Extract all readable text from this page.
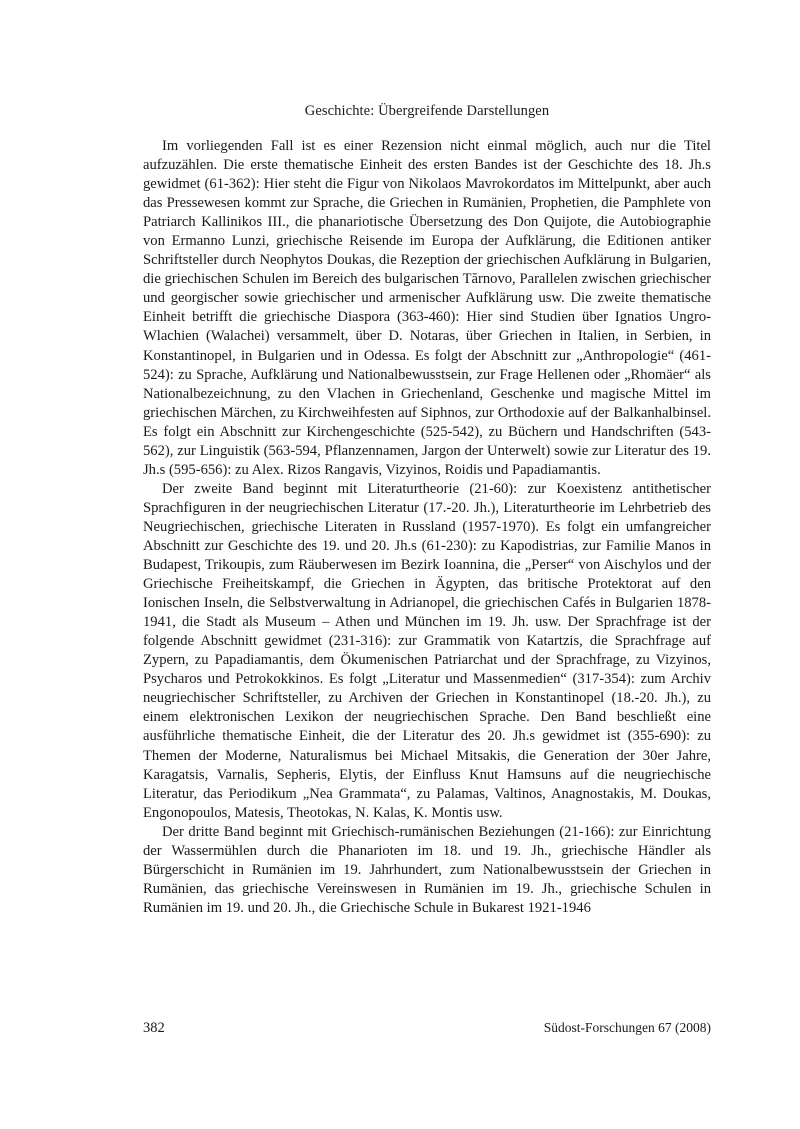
Geschichte: Übergreifende Darstellungen

Im vorliegenden Fall ist es einer Rezension nicht einmal möglich, auch nur die Titel aufzuzählen. Die erste thematische Einheit des ersten Bandes ist der Geschichte des 18. Jh.s gewidmet (61-362): Hier steht die Figur von Nikolaos Mavrokordatos im Mittelpunkt, aber auch das Pressewesen kommt zur Sprache, die Griechen in Rumänien, Prophetien, die Pamphlete von Patriarch Kallinikos III., die phanariotische Übersetzung des Don Quijote, die Autobiographie von Ermanno Lunzi, griechische Reisende im Europa der Aufklärung, die Editionen antiker Schriftsteller durch Neophytos Doukas, die Rezeption der griechischen Aufklärung in Bulgarien, die griechischen Schulen im Bereich des bulgarischen Tărnovo, Parallelen zwischen griechischer und georgischer sowie griechischer und armenischer Aufklärung usw. Die zweite thematische Einheit betrifft die griechische Diaspora (363-460): Hier sind Studien über Ignatios Ungro-Wlachien (Walachei) versammelt, über D. Notaras, über Griechen in Italien, in Serbien, in Konstantinopel, in Bulgarien und in Odessa. Es folgt der Abschnitt zur „Anthropologie“ (461-524): zu Sprache, Aufklärung und Nationalbewusstsein, zur Frage Hellenen oder „Rhomäer“ als Nationalbezeichnung, zu den Vlachen in Griechenland, Geschenke und magische Mittel im griechischen Märchen, zu Kirchweihfesten auf Siphnos, zur Orthodoxie auf der Balkanhalbinsel. Es folgt ein Abschnitt zur Kirchengeschichte (525-542), zu Büchern und Handschriften (543-562), zur Linguistik (563-594, Pflanzennamen, Jargon der Unterwelt) sowie zur Literatur des 19. Jh.s (595-656): zu Alex. Rizos Rangavis, Vizyinos, Roidis und Papadiamantis.

Der zweite Band beginnt mit Literaturtheorie (21-60): zur Koexistenz antithetischer Sprachfiguren in der neugriechischen Literatur (17.-20. Jh.), Literaturtheorie im Lehrbetrieb des Neugriechischen, griechische Literaten in Russland (1957-1970). Es folgt ein umfangreicher Abschnitt zur Geschichte des 19. und 20. Jh.s (61-230): zu Kapodistrias, zur Familie Manos in Budapest, Trikoupis, zum Räuberwesen im Bezirk Ioannina, die „Perser“ von Aischylos und der Griechische Freiheitskampf, die Griechen in Ägypten, das britische Protektorat auf den Ionischen Inseln, die Selbstverwaltung in Adrianopel, die griechischen Cafés in Bulgarien 1878-1941, die Stadt als Museum – Athen und München im 19. Jh. usw. Der Sprachfrage ist der folgende Abschnitt gewidmet (231-316): zur Grammatik von Katartzis, die Sprachfrage auf Zypern, zu Papadiamantis, dem Ökumenischen Patriarchat und der Sprachfrage, zu Vizyinos, Psycharos und Petrokokkinos. Es folgt „Literatur und Massenmedien“ (317-354): zum Archiv neugriechischer Schriftsteller, zu Archiven der Griechen in Konstantinopel (18.-20. Jh.), zu einem elektronischen Lexikon der neugriechischen Sprache. Den Band beschließt eine ausführliche thematische Einheit, die der Literatur des 20. Jh.s gewidmet ist (355-690): zu Themen der Moderne, Naturalismus bei Michael Mitsakis, die Generation der 30er Jahre, Karagatsis, Varnalis, Sepheris, Elytis, der Einfluss Knut Hamsuns auf die neugriechische Literatur, das Periodikum „Nea Grammata“, zu Palamas, Valtinos, Anagnostakis, M. Doukas, Engonopoulos, Matesis, Theotokas, N. Kalas, K. Montis usw.

Der dritte Band beginnt mit Griechisch-rumänischen Beziehungen (21-166): zur Einrichtung der Wassermühlen durch die Phanarioten im 18. und 19. Jh., griechische Händler als Bürgerschicht in Rumänien im 19. Jahrhundert, zum Nationalbewusstsein der Griechen in Rumänien, das griechische Vereinswesen in Rumänien im 19. Jh., griechische Schulen in Rumänien im 19. und 20. Jh., die Griechische Schule in Bukarest 1921-1946

382	Südost-Forschungen 67 (2008)
